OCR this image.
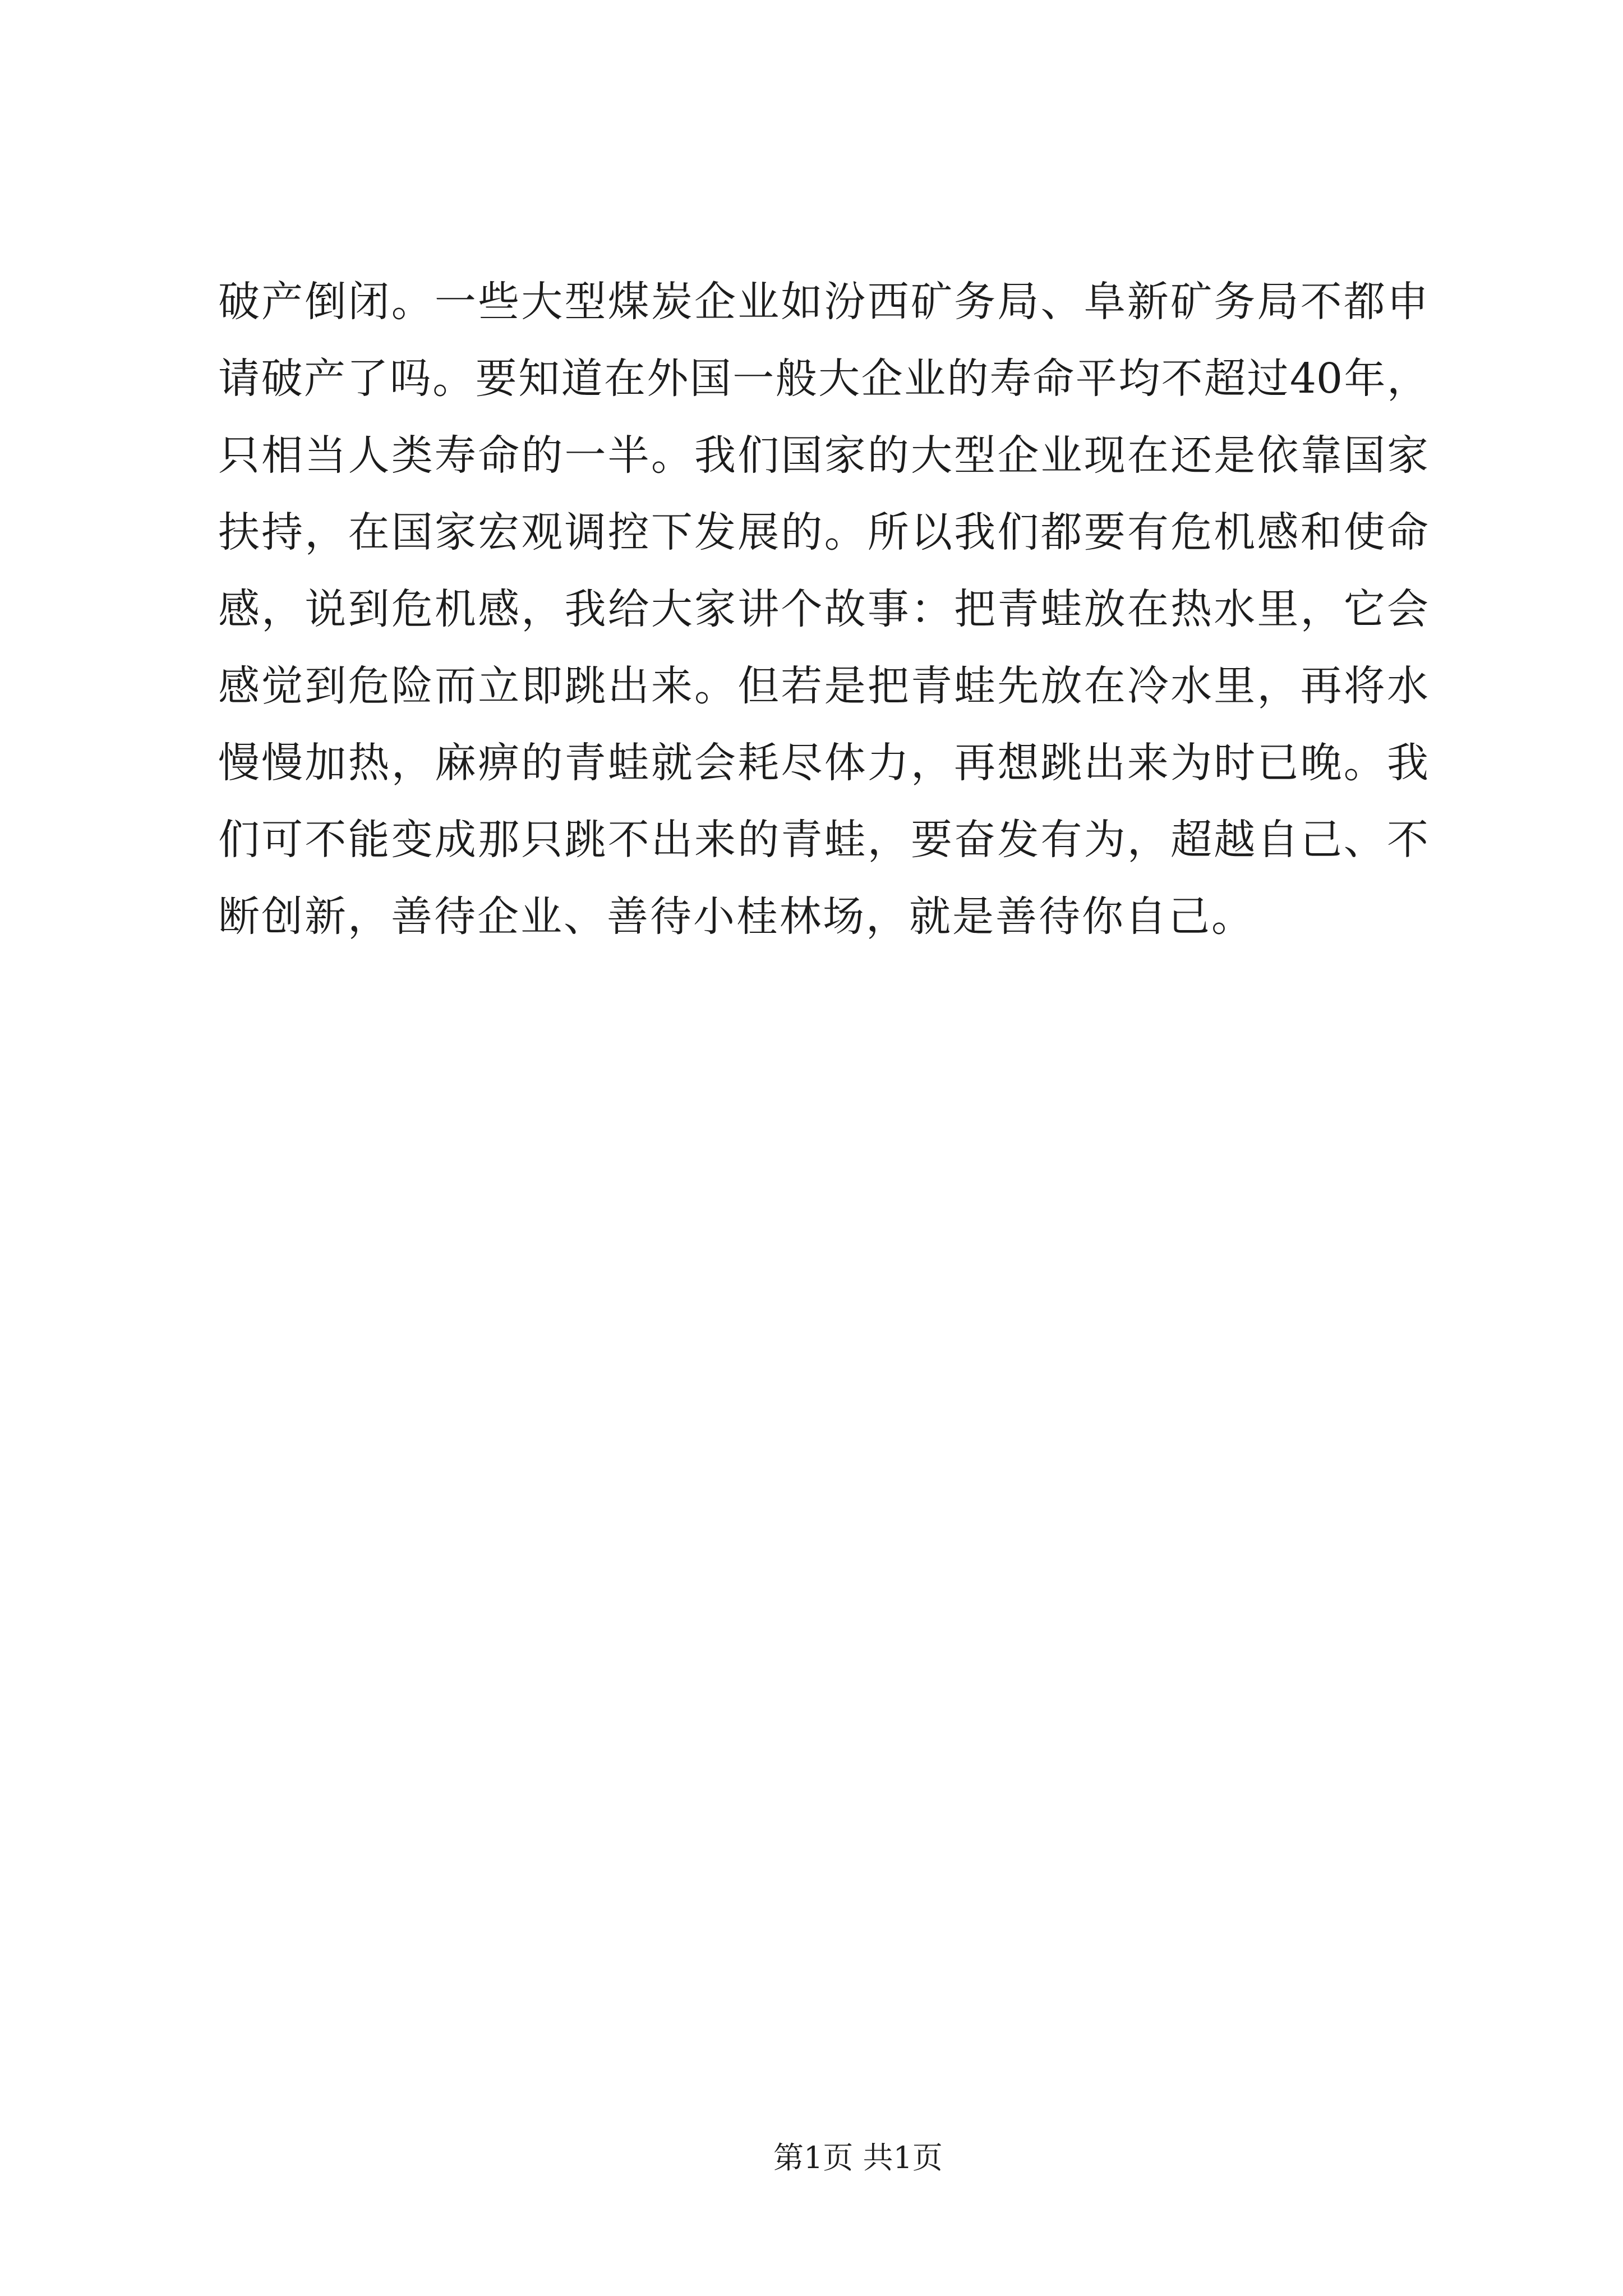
破产倒闭。一些大型煤炭企业如汾西矿务局、阜新矿务局不都申
请破产了吗。要知道在外国一般大企业的寿命平均不超过40年，
只相当人类寿命的一半。我们国家的大型企业现在还是依靠国家
扶持，在国家宏观调控下发展的。所以我们都要有危机感和使命
感，说到危机感，我给大家讲个故事：把青蛙放在热水里，它会
感觉到危险而立即跳出来。但若是把青蛙先放在冷水里，再将水
慢慢加热，麻痹的青蛙就会耗尽体力，再想跳出来为时已晚。我
们可不能变成那只跳不出来的青蛙，要奋发有为，超越自己、不
断创新，善待企业、善待小桂林场，就是善待你自己。
第1页 共1页
